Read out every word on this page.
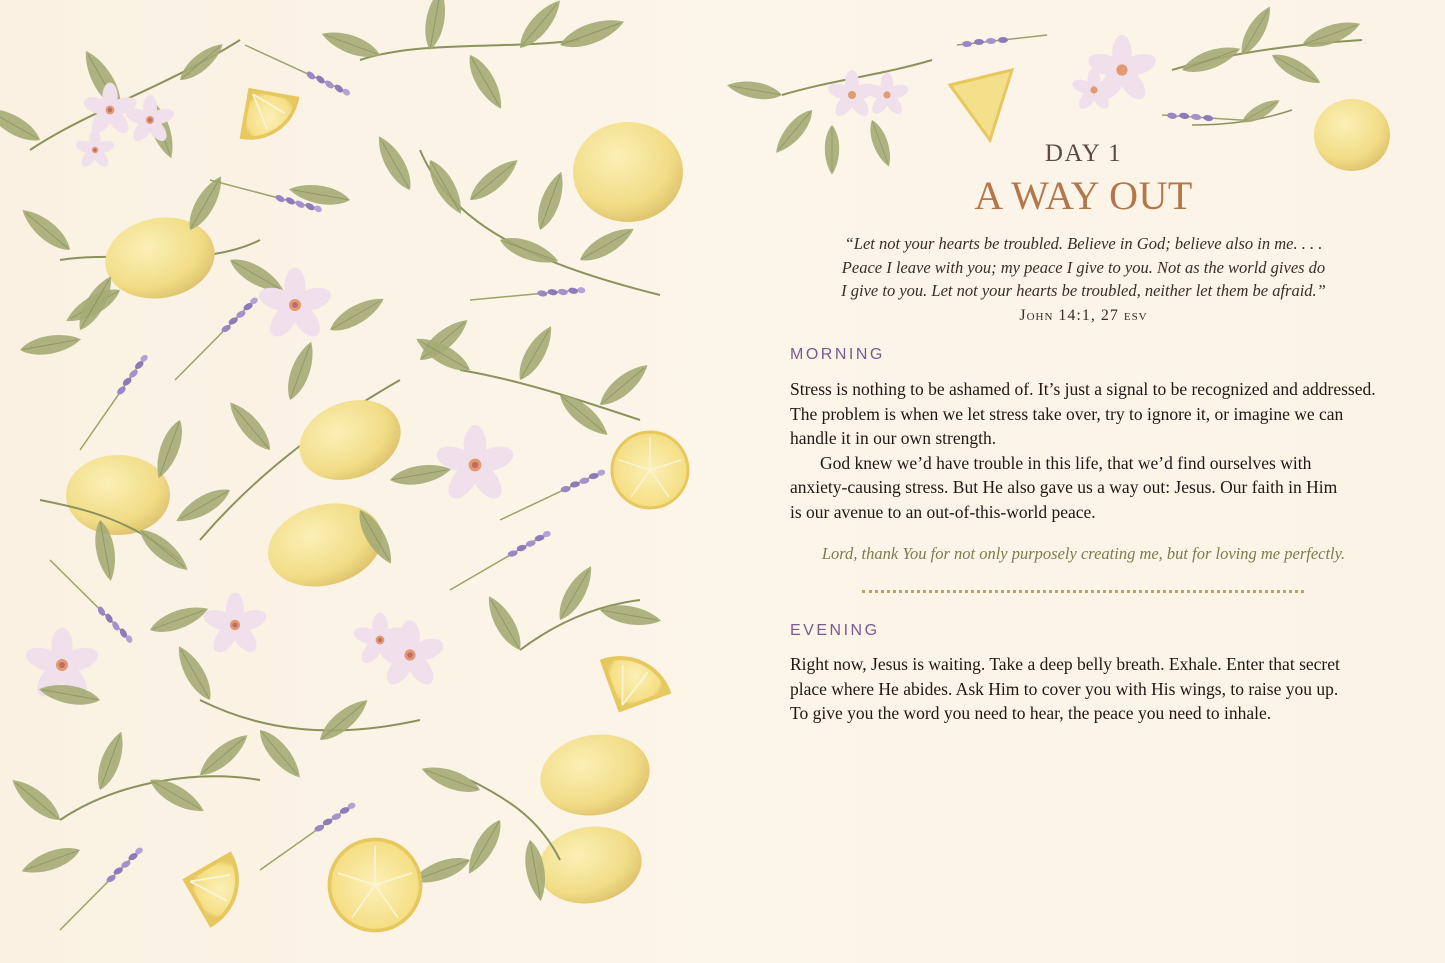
DAY 1
A WAY OUT
“Let not your hearts be troubled. Believe in God; believe also in me. . . .
Peace I leave with you; my peace I give to you. Not as the world gives do
I give to you. Let not your hearts be troubled, neither let them be afraid.”
John 14:1, 27 esv
MORNING

Stress is nothing to be ashamed of. It’s just a signal to be recognized and addressed.

The problem is when we let stress take over, try to ignore it, or imagine we can

handle it in our own strength.

God knew we’d have trouble in this life, that we’d find ourselves with

anxiety-causing stress. But He also gave us a way out: Jesus. Our faith in Him

is our avenue to an out-of-this-world peace.

Lord, thank You for not only purposely creating me, but for loving me perfectly.
EVENING

Right now, Jesus is waiting. Take a deep belly breath. Exhale. Enter that secret

place where He abides. Ask Him to cover you with His wings, to raise you up.

To give you the word you need to hear, the peace you need to inhale.
